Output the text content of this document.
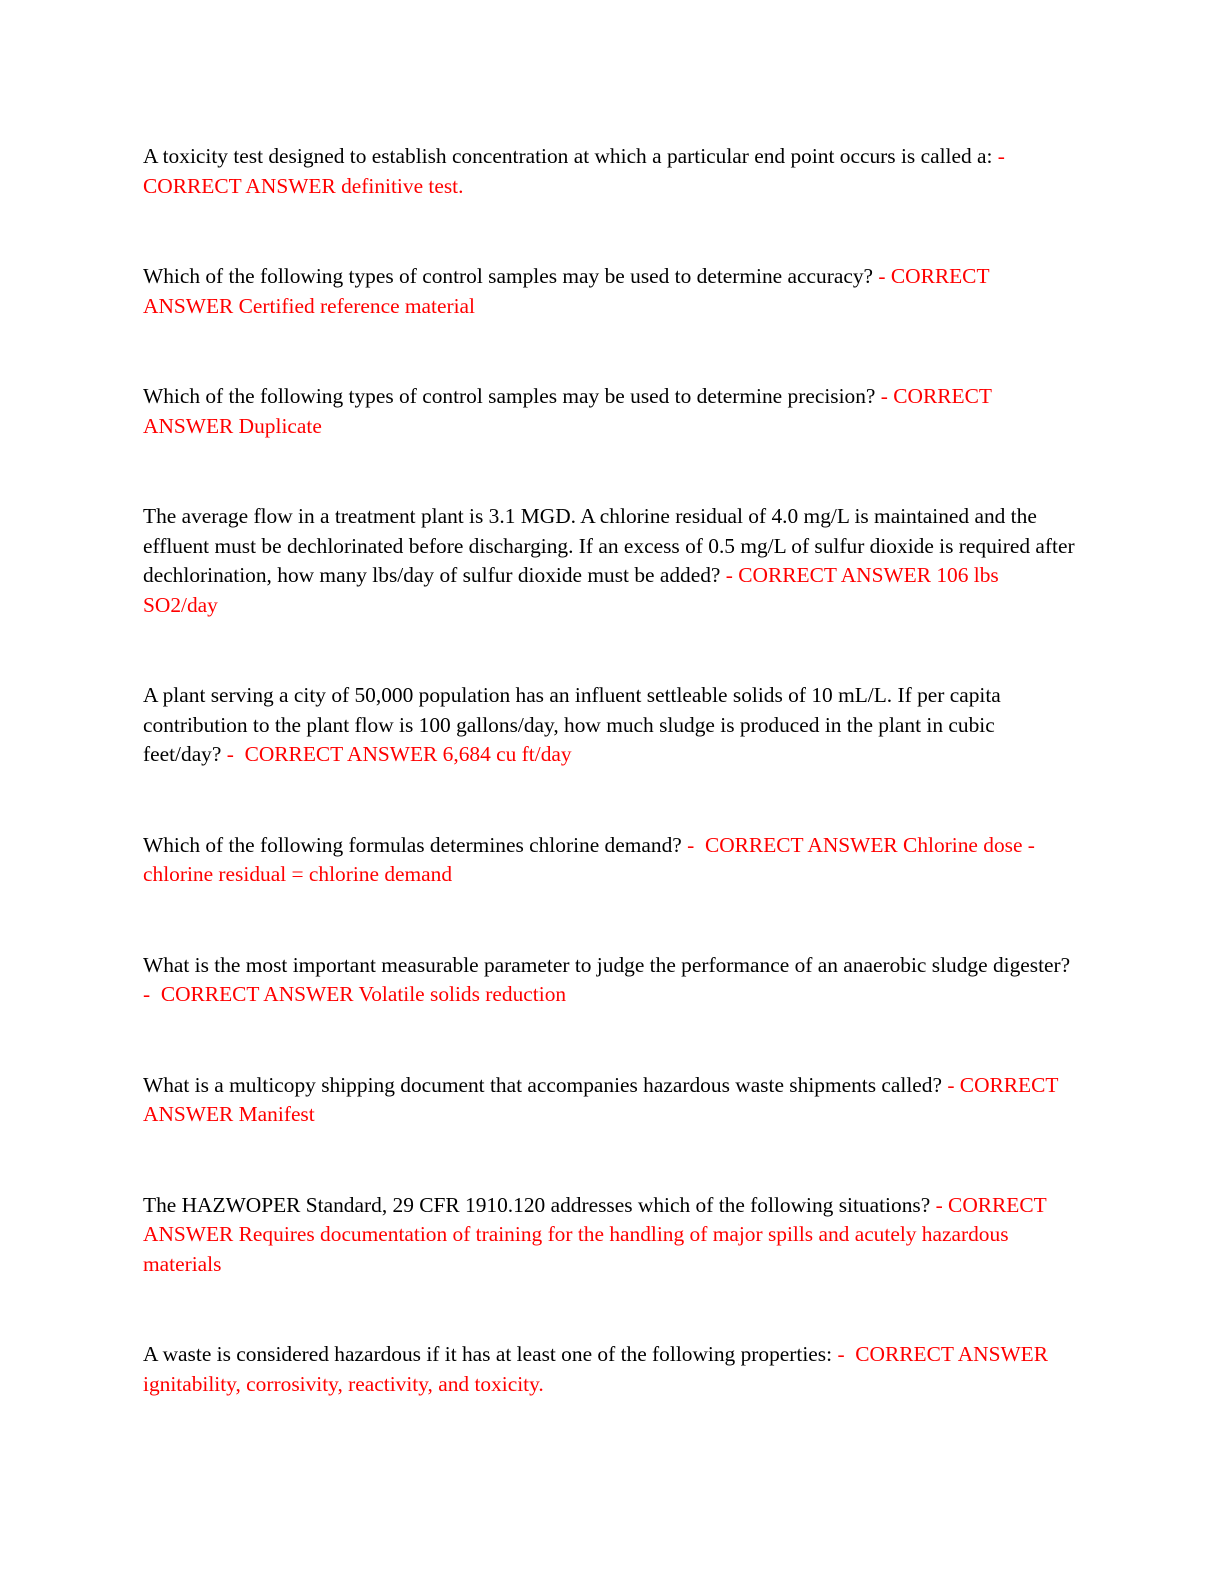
A toxicity test designed to establish concentration at which a particular end point occurs is called a: -  CORRECT ANSWER definitive test.

Which of the following types of control samples may be used to determine accuracy? - CORRECT ANSWER Certified reference material

Which of the following types of control samples may be used to determine precision? - CORRECT ANSWER Duplicate

The average flow in a treatment plant is 3.1 MGD. A chlorine residual of 4.0 mg/L is maintained and the effluent must be dechlorinated before discharging. If an excess of 0.5 mg/L of sulfur dioxide is required after dechlorination, how many lbs/day of sulfur dioxide must be added? - CORRECT ANSWER 106 lbs SO2/day

A plant serving a city of 50,000 population has an influent settleable solids of 10 mL/L. If per capita contribution to the plant flow is 100 gallons/day, how much sludge is produced in the plant in cubic feet/day? - CORRECT ANSWER 6,684 cu ft/day

Which of the following formulas determines chlorine demand? - CORRECT ANSWER Chlorine dose - chlorine residual = chlorine demand

What is the most important measurable parameter to judge the performance of an anaerobic sludge digester? - CORRECT ANSWER Volatile solids reduction

What is a multicopy shipping document that accompanies hazardous waste shipments called? - CORRECT ANSWER Manifest

The HAZWOPER Standard, 29 CFR 1910.120 addresses which of the following situations? - CORRECT ANSWER Requires documentation of training for the handling of major spills and acutely hazardous materials

A waste is considered hazardous if it has at least one of the following properties: - CORRECT ANSWER ignitability, corrosivity, reactivity, and toxicity.
